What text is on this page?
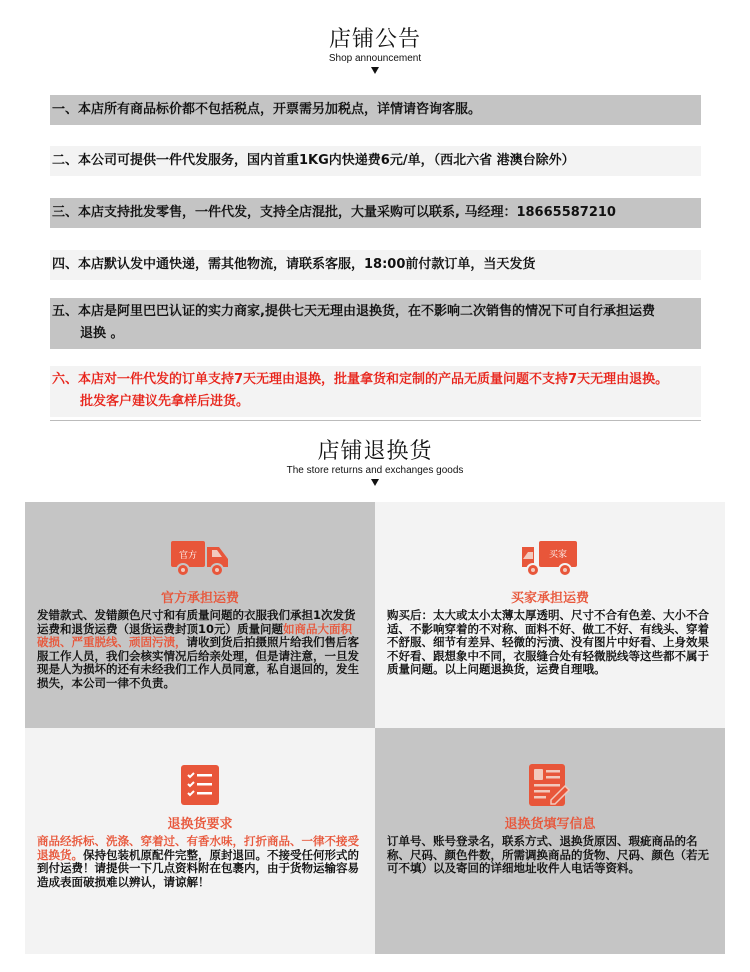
店铺公告
Shop announcement
一、本店所有商品标价都不包括税点，开票需另加税点，详情请咨询客服。
二、本公司可提供一件代发服务，国内首重1KG内快递费6元/单，（西北六省 港澳台除外）
三、本店支持批发零售，一件代发，支持全店混批，大量采购可以联系, 马经理：18665587210
四、本店默认发中通快递，需其他物流，请联系客服，18:00前付款订单，当天发货
五、本店是阿里巴巴认证的实力商家,提供七天无理由退换货，在不影响二次销售的情况下可自行承担运费
退换 。
六、本店对一件代发的订单支持7天无理由退换，批量拿货和定制的产品无质量问题不支持7天无理由退换。
批发客户建议先拿样后进货。
店铺退换货
The store returns and exchanges goods
官方
官方承担运费
发错款式、发错颜色尺寸和有质量问题的衣服我们承担1次发货运费和退货运费（退货运费封顶10元）质量问题如商品大面积破损、严重脱线、顽固污渍，请收到货后拍摄照片给我们售后客服工作人员，我们会核实情况后给亲处理，但是请注意，一旦发现是人为损坏的还有未经我们工作人员同意，私自退回的，发生损失，本公司一律不负责。
买家
买家承担运费
购买后：太大或太小太薄太厚透明、尺寸不合有色差、大小不合适、不影响穿着的不对称、面料不好、做工不好、有线头、穿着不舒服、细节有差异、轻微的污渍、没有图片中好看、上身效果不好看、跟想象中不同，衣服缝合处有轻微脱线等这些都不属于质量问题。以上问题退换货，运费自理哦。
退换货要求
商品经拆标、洗涤、穿着过、有香水味，打折商品、一律不接受退换货。保持包装机原配件完整，原封退回。不接受任何形式的到付运费！请提供一下几点资料附在包裹内，由于货物运输容易造成表面破损难以辨认，请谅解！
退换货填写信息
订单号、账号登录名，联系方式、退换货原因、瑕疵商品的名称、尺码、颜色件数，所需调换商品的货物、尺码、颜色（若无可不填）以及寄回的详细地址收件人电话等资料。
